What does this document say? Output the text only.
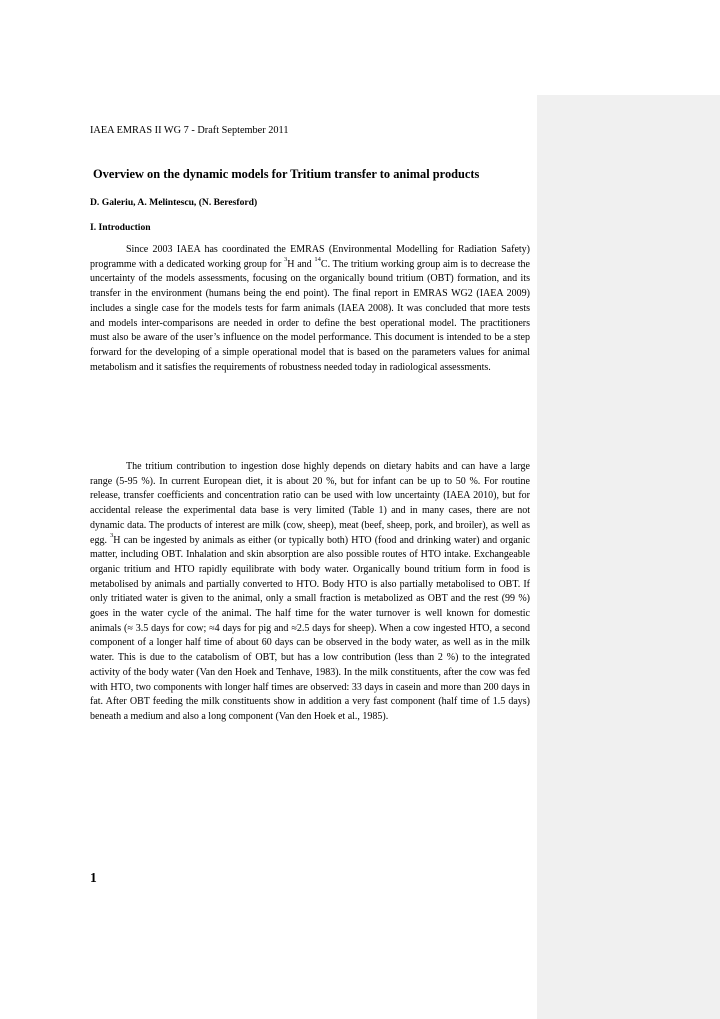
IAEA EMRAS II WG 7 - Draft September 2011
Overview on the dynamic models for Tritium transfer to animal products
D. Galeriu, A. Melintescu, (N. Beresford)
I. Introduction

Since 2003 IAEA has coordinated the EMRAS (Environmental Modelling for Radiation Safety) programme with a dedicated working group for $^3$H and $^{14}$C. The tritium working group aim is to decrease the uncertainty of the models assessments, focusing on the organically bound tritium (OBT) formation, and its transfer in the environment (humans being the end point). The final report in EMRAS WG2 (IAEA 2009) includes a single case for the models tests for farm animals (IAEA 2008). It was concluded that more tests and models inter-comparisons are needed in order to define the best operational model. The practitioners must also be aware of the user’s influence on the model performance. This document is intended to be a step forward for the developing of a simple operational model that is based on the parameters values for animal metabolism and it satisfies the requirements of robustness needed today in radiological assessments.

The tritium contribution to ingestion dose highly depends on dietary habits and can have a large range (5-95 %). In current European diet, it is about 20 %, but for infant can be up to 50 %. For routine release, transfer coefficients and concentration ratio can be used with low uncertainty (IAEA 2010), but for accidental release the experimental data base is very limited (Table 1) and in many cases, there are not dynamic data. The products of interest are milk (cow, sheep), meat (beef, sheep, pork, and broiler), as well as egg. $^3$H can be ingested by animals as either (or typically both) HTO (food and drinking water) and organic matter, including OBT. Inhalation and skin absorption are also possible routes of HTO intake. Exchangeable organic tritium and HTO rapidly equilibrate with body water. Organically bound tritium form in food is metabolised by animals and partially converted to HTO. Body HTO is also partially metabolised to OBT. If only tritiated water is given to the animal, only a small fraction is metabolized as OBT and the rest (99 %) goes in the water cycle of the animal. The half time for the water turnover is well known for domestic animals (≈ 3.5 days for cow; ≈4 days for pig and ≈2.5 days for sheep). When a cow ingested HTO, a second component of a longer half time of about 60 days can be observed in the body water, as well as in the milk water. This is due to the catabolism of OBT, but has a low contribution (less than 2 %) to the integrated activity of the body water (Van den Hoek and Tenhave, 1983). In the milk constituents, after the cow was fed with HTO, two components with longer half times are observed: 33 days in casein and more than 200 days in fat. After OBT feeding the milk constituents show in addition a very fast component (half time of 1.5 days) beneath a medium and also a long component (Van den Hoek et al., 1985).

1
